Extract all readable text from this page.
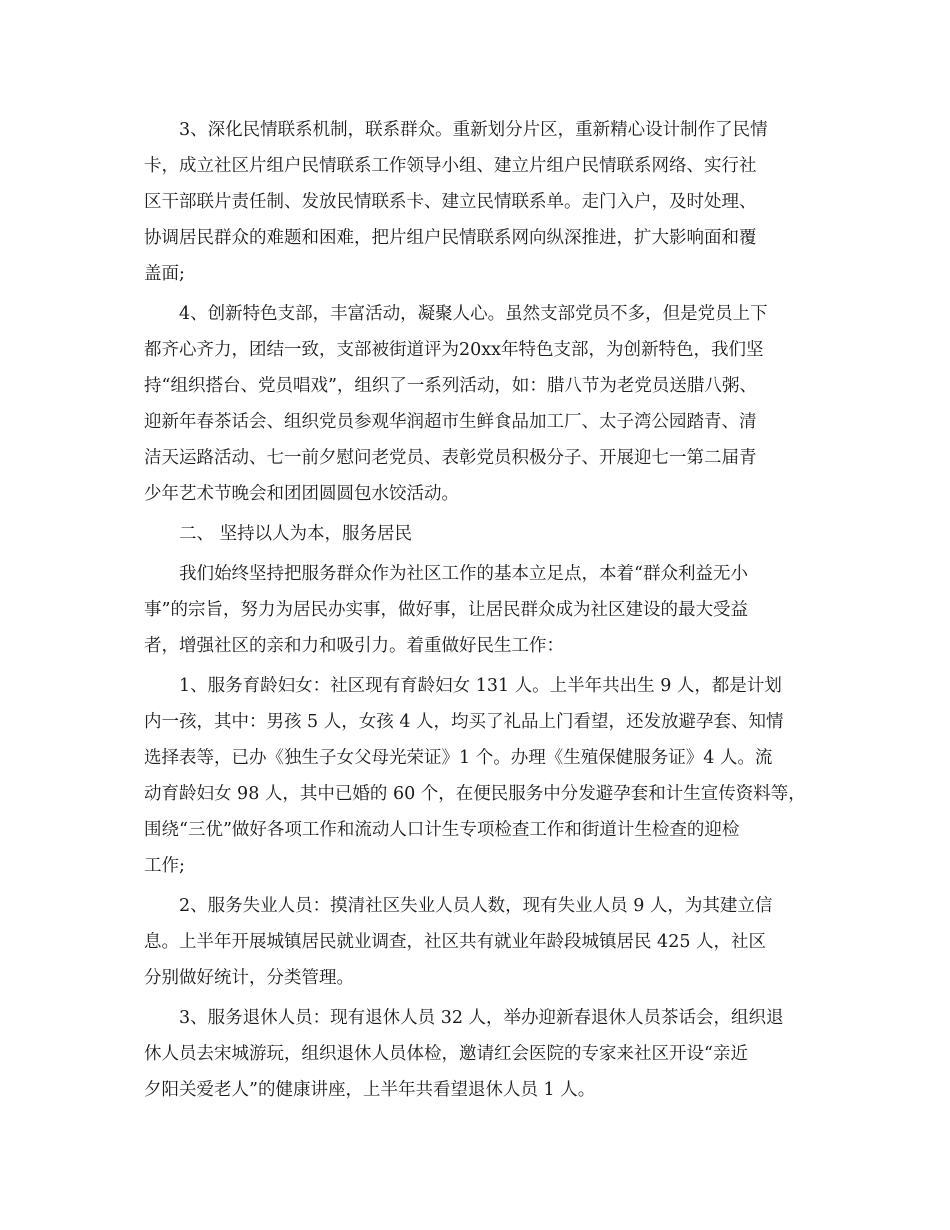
3、深化民情联系机制，联系群众。重新划分片区，重新精心设计制作了民情
卡，成立社区片组户民情联系工作领导小组、建立片组户民情联系网络、实行社
区干部联片责任制、发放民情联系卡、建立民情联系单。走门入户，及时处理、
协调居民群众的难题和困难，把片组户民情联系网向纵深推进，扩大影响面和覆
盖面;
4、创新特色支部，丰富活动，凝聚人心。虽然支部党员不多，但是党员上下
都齐心齐力，团结一致，支部被街道评为20xx年特色支部，为创新特色，我们坚
持“组织搭台、党员唱戏”，组织了一系列活动，如：腊八节为老党员送腊八粥、
迎新年春茶话会、组织党员参观华润超市生鲜食品加工厂、太子湾公园踏青、清
洁天运路活动、七一前夕慰问老党员、表彰党员积极分子、开展迎七一第二届青
少年艺术节晚会和团团圆圆包水饺活动。
二、 坚持以人为本，服务居民
我们始终坚持把服务群众作为社区工作的基本立足点，本着“群众利益无小
事”的宗旨，努力为居民办实事，做好事，让居民群众成为社区建设的最大受益
者，增强社区的亲和力和吸引力。着重做好民生工作：
1、服务育龄妇女：社区现有育龄妇女 131 人。上半年共出生 9 人，都是计划
内一孩，其中：男孩 5 人，女孩 4 人，均买了礼品上门看望，还发放避孕套、知情
选择表等，已办《独生子女父母光荣证》1 个。办理《生殖保健服务证》4 人。流
动育龄妇女 98 人，其中已婚的 60 个，在便民服务中分发避孕套和计生宣传资料等，
围绕“三优”做好各项工作和流动人口计生专项检查工作和街道计生检查的迎检
工作;
2、服务失业人员：摸清社区失业人员人数，现有失业人员 9 人，为其建立信
息。上半年开展城镇居民就业调查，社区共有就业年龄段城镇居民 425 人，社区
分别做好统计，分类管理。
3、服务退休人员：现有退休人员 32 人，举办迎新春退休人员茶话会，组织退
休人员去宋城游玩，组织退休人员体检，邀请红会医院的专家来社区开设“亲近
夕阳关爱老人”的健康讲座，上半年共看望退休人员 1 人。
